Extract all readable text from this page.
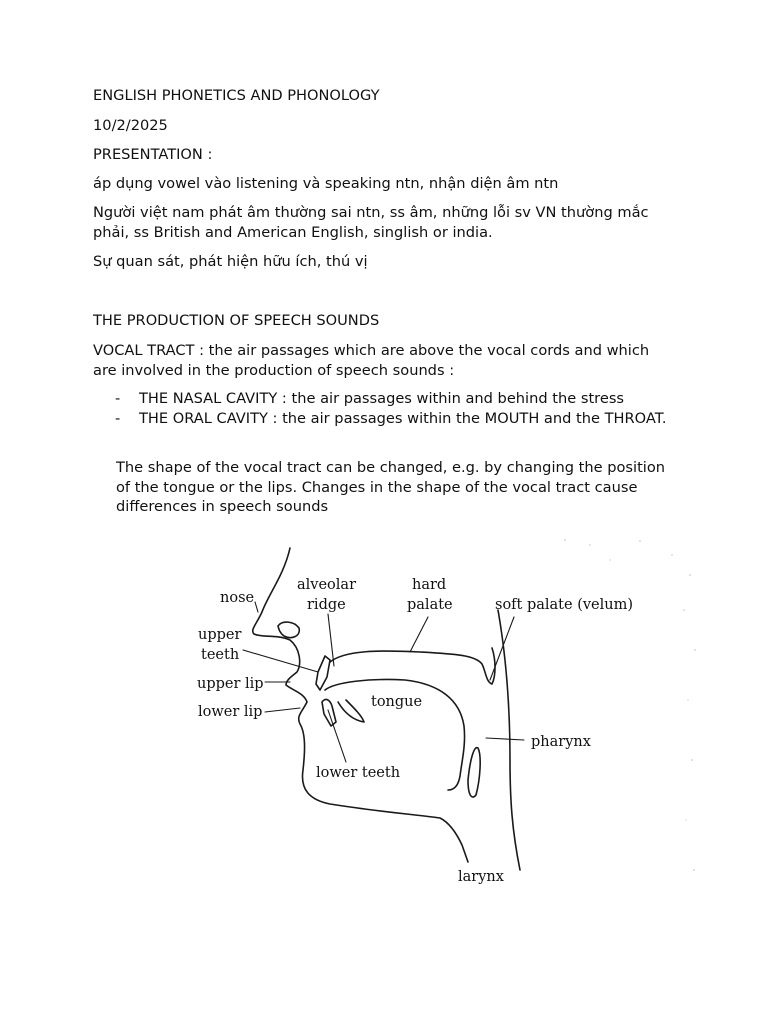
ENGLISH PHONETICS AND PHONOLOGY

10/2/2025

PRESENTATION :

áp dụng vowel vào listening và speaking ntn, nhận diện âm ntn

Người việt nam phát âm thường sai ntn, ss âm, những lỗi sv VN thường mắc phải, ss British and American English, singlish or india.

Sự quan sát, phát hiện hữu ích, thú vị

THE PRODUCTION OF SPEECH SOUNDS

VOCAL TRACT : the air passages which are above the vocal cords and which are involved in the production of speech sounds :

- THE NASAL CAVITY : the air passages within and behind the stress
- THE ORAL CAVITY : the air passages within the MOUTH and the THROAT.

The shape of the vocal tract can be changed, e.g. by changing the position of the tongue or the lips. Changes in the shape of the vocal tract cause differences in speech sounds

nose
alveolar
ridge
hard
palate	soft palate (velum)
upper
teeth
upper lip
lower lip
tongue
pharynx
lower teeth
larynx
